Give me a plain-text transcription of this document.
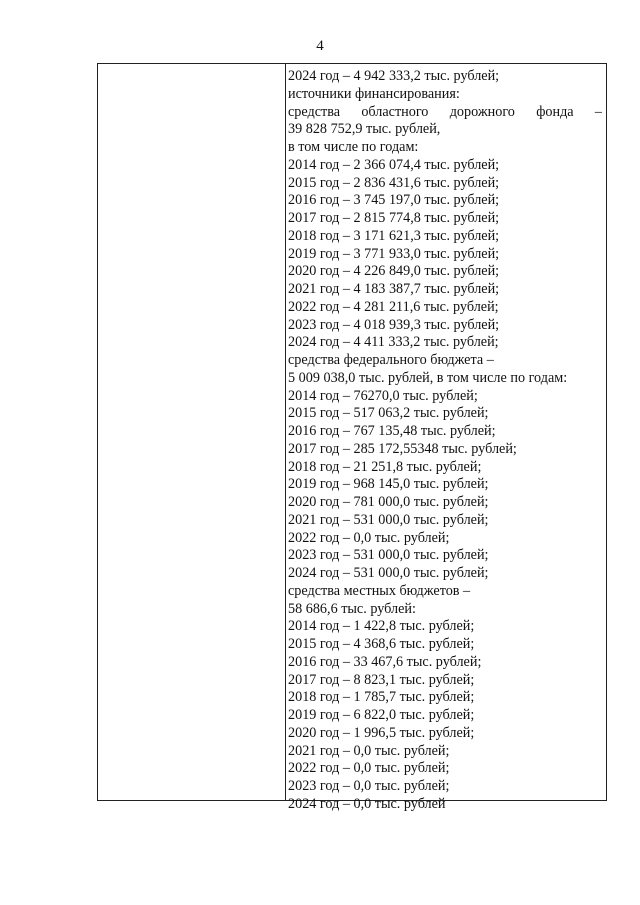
4
2024 год – 4 942 333,2 тыс. рублей;
источники финансирования:
средства областного дорожного фонда –
39 828 752,9 тыс. рублей,
в том числе по годам:
2014 год – 2 366 074,4 тыс. рублей;
2015 год – 2 836 431,6 тыс. рублей;
2016 год – 3 745 197,0 тыс. рублей;
2017 год – 2 815 774,8 тыс. рублей;
2018 год – 3 171 621,3 тыс. рублей;
2019 год – 3 771 933,0 тыс. рублей;
2020 год – 4 226 849,0 тыс. рублей;
2021 год – 4 183 387,7 тыс. рублей;
2022 год – 4 281 211,6 тыс. рублей;
2023 год – 4 018 939,3 тыс. рублей;
2024 год – 4 411 333,2 тыс. рублей;
средства федерального бюджета –
5 009 038,0 тыс. рублей, в том числе по годам:
2014 год – 76270,0 тыс. рублей;
2015 год – 517 063,2 тыс. рублей;
2016 год – 767 135,48 тыс. рублей;
2017 год – 285 172,55348 тыс. рублей;
2018 год – 21 251,8 тыс. рублей;
2019 год – 968 145,0 тыс. рублей;
2020 год – 781 000,0 тыс. рублей;
2021 год – 531 000,0 тыс. рублей;
2022 год – 0,0 тыс. рублей;
2023 год – 531 000,0 тыс. рублей;
2024 год – 531 000,0 тыс. рублей;
средства местных бюджетов –
58 686,6 тыс. рублей:
2014 год – 1 422,8 тыс. рублей;
2015 год – 4 368,6 тыс. рублей;
2016 год – 33 467,6 тыс. рублей;
2017 год – 8 823,1 тыс. рублей;
2018 год – 1 785,7 тыс. рублей;
2019 год – 6 822,0 тыс. рублей;
2020 год – 1 996,5 тыс. рублей;
2021 год – 0,0 тыс. рублей;
2022 год – 0,0 тыс. рублей;
2023 год – 0,0 тыс. рублей;
2024 год – 0,0 тыс. рублей
